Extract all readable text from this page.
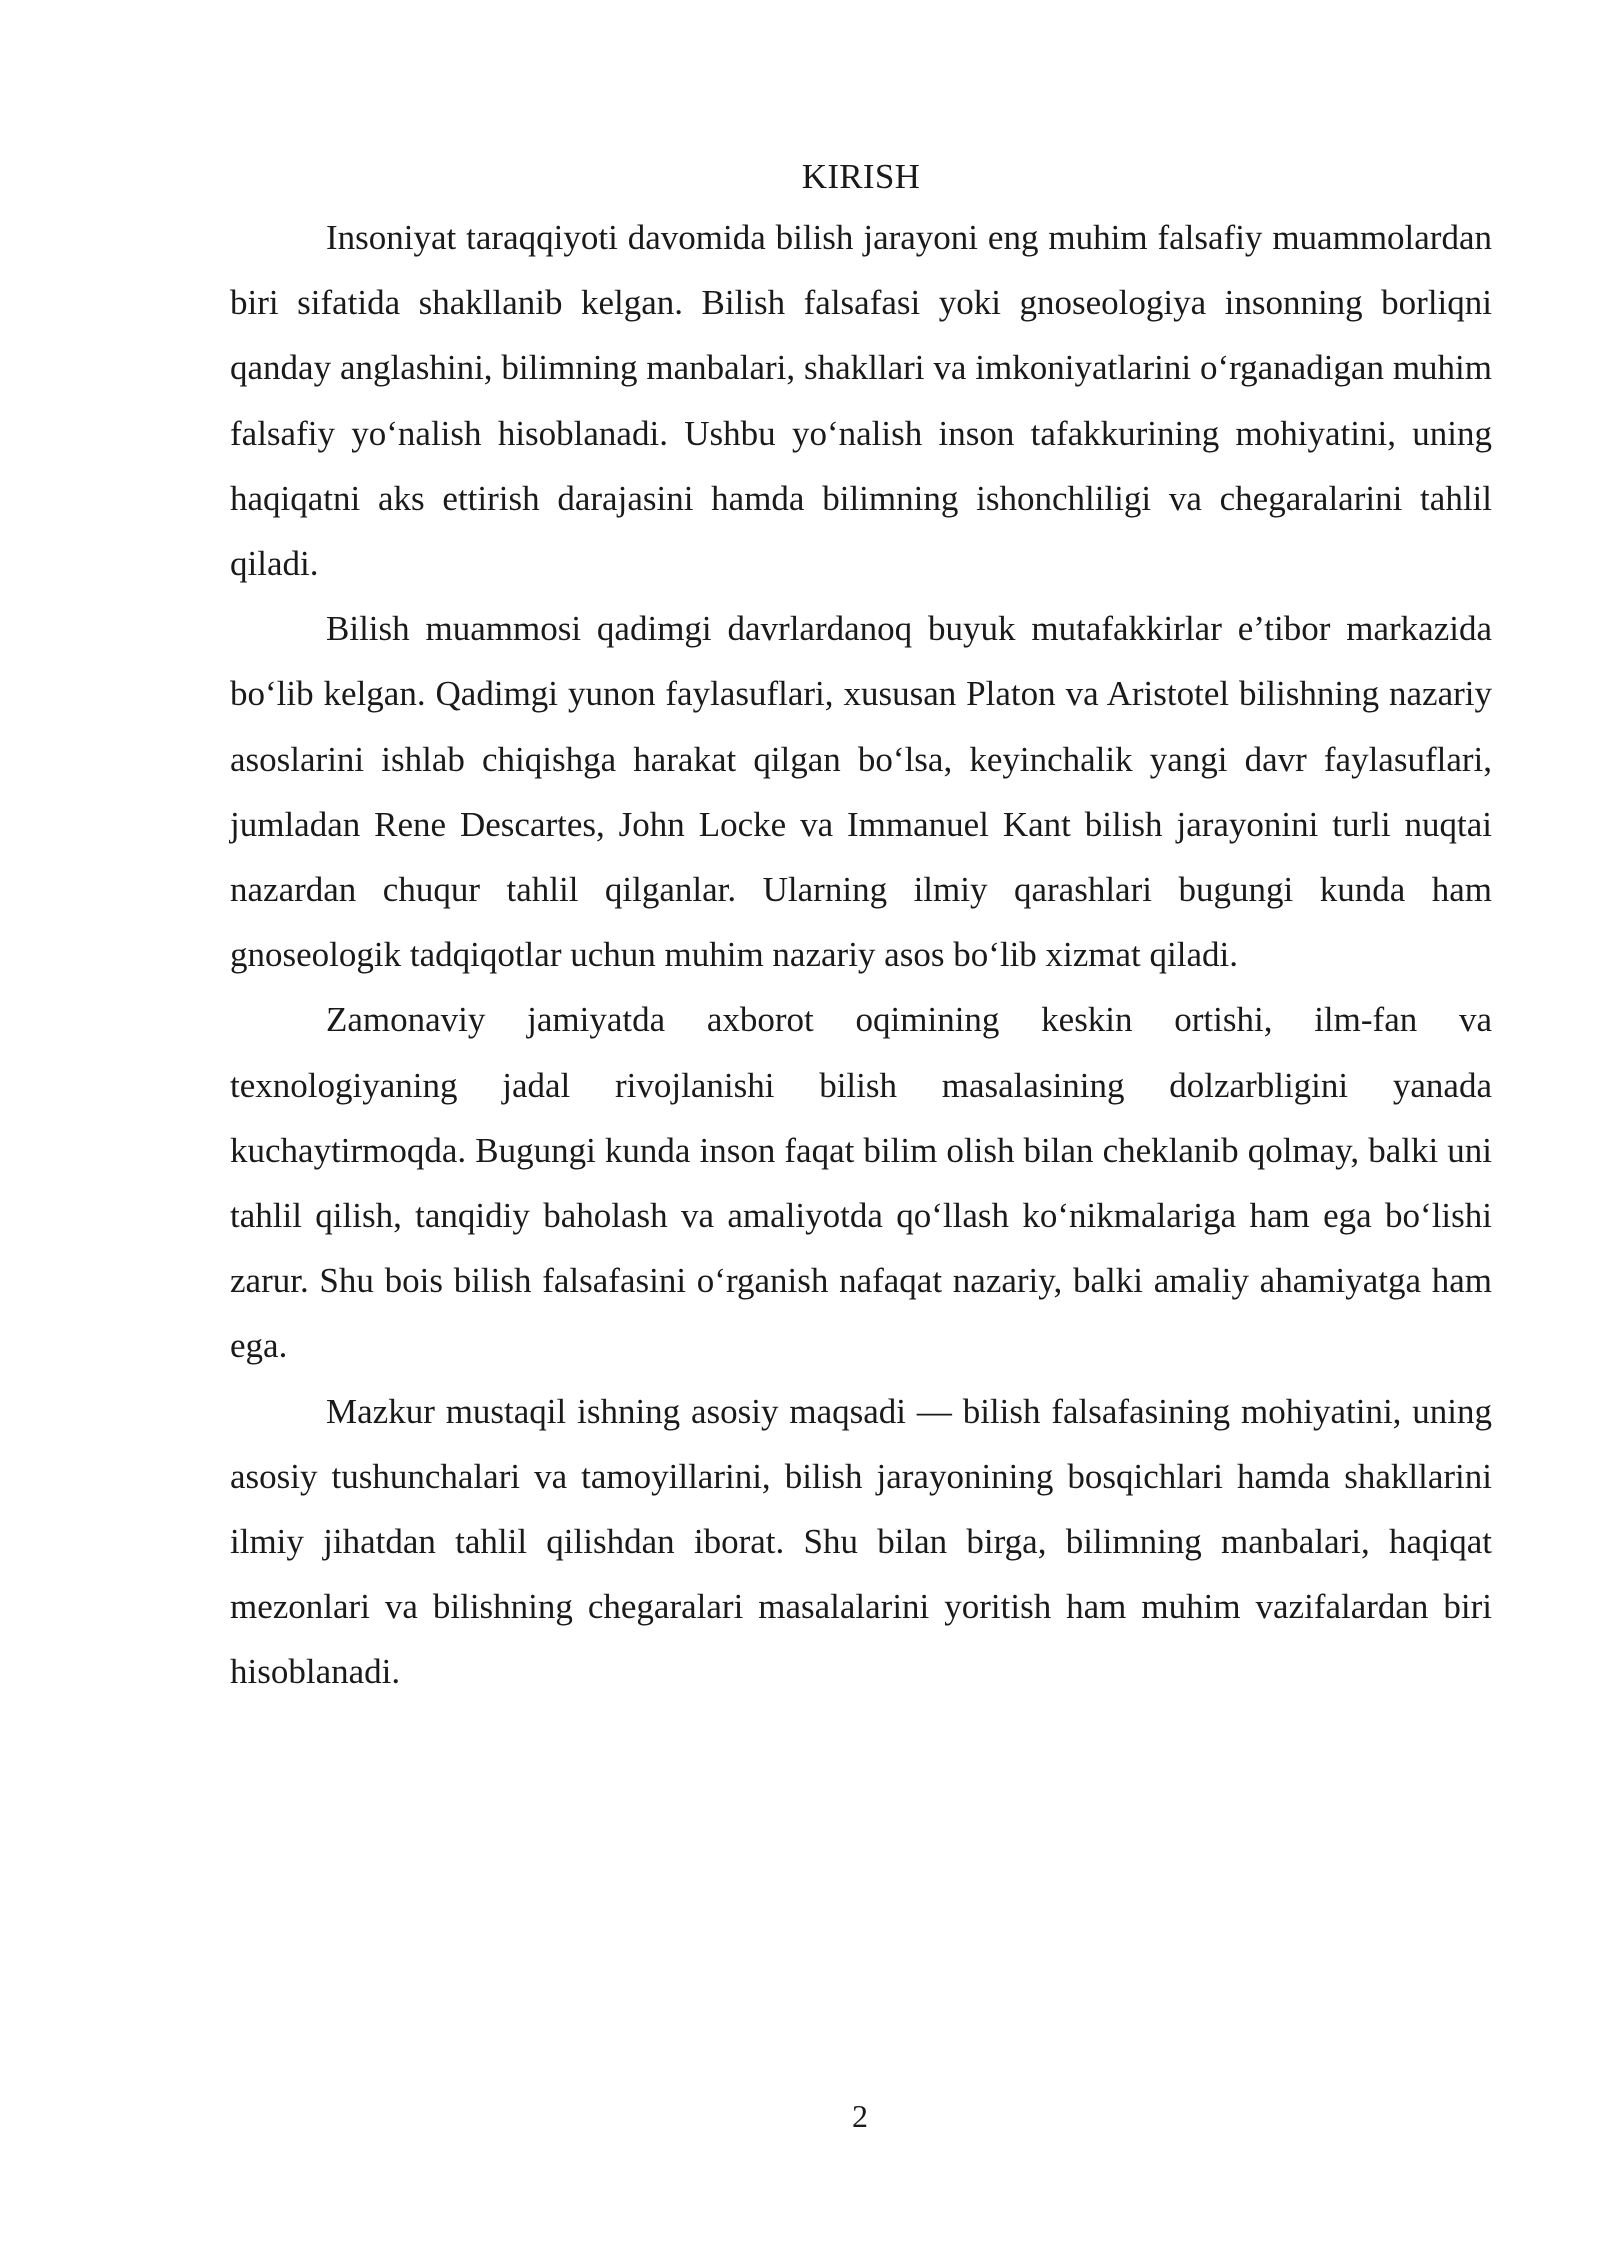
KIRISH

Insoniyat taraqqiyoti davomida bilish jarayoni eng muhim falsafiy muammolardan biri sifatida shakllanib kelgan. Bilish falsafasi yoki gnoseologiya insonning borliqni qanday anglashini, bilimning manbalari, shakllari va imkoniyatlarini o‘rganadigan muhim falsafiy yo‘nalish hisoblanadi. Ushbu yo‘nalish inson tafakkurining mohiyatini, uning haqiqatni aks ettirish darajasini hamda bilimning ishonchliligi va chegaralarini tahlil qiladi.

Bilish muammosi qadimgi davrlardanoq buyuk mutafakkirlar e’tibor markazida bo‘lib kelgan. Qadimgi yunon faylasuflari, xususan Platon va Aristotel bilishning nazariy asoslarini ishlab chiqishga harakat qilgan bo‘lsa, keyinchalik yangi davr faylasuflari, jumladan Rene Descartes, John Locke va Immanuel Kant bilish jarayonini turli nuqtai nazardan chuqur tahlil qilganlar. Ularning ilmiy qarashlari bugungi kunda ham gnoseologik tadqiqotlar uchun muhim nazariy asos bo‘lib xizmat qiladi.

Zamonaviy jamiyatda axborot oqimining keskin ortishi, ilm-fan va texnologiyaning jadal rivojlanishi bilish masalasining dolzarbligini yanada kuchaytirmoqda. Bugungi kunda inson faqat bilim olish bilan cheklanib qolmay, balki uni tahlil qilish, tanqidiy baholash va amaliyotda qo‘llash ko‘nikmalariga ham ega bo‘lishi zarur. Shu bois bilish falsafasini o‘rganish nafaqat nazariy, balki amaliy ahamiyatga ham ega.

Mazkur mustaqil ishning asosiy maqsadi — bilish falsafasining mohiyatini, uning asosiy tushunchalari va tamoyillarini, bilish jarayonining bosqichlari hamda shakllarini ilmiy jihatdan tahlil qilishdan iborat. Shu bilan birga, bilimning manbalari, haqiqat mezonlari va bilishning chegaralari masalalarini yoritish ham muhim vazifalardan biri hisoblanadi.

2
